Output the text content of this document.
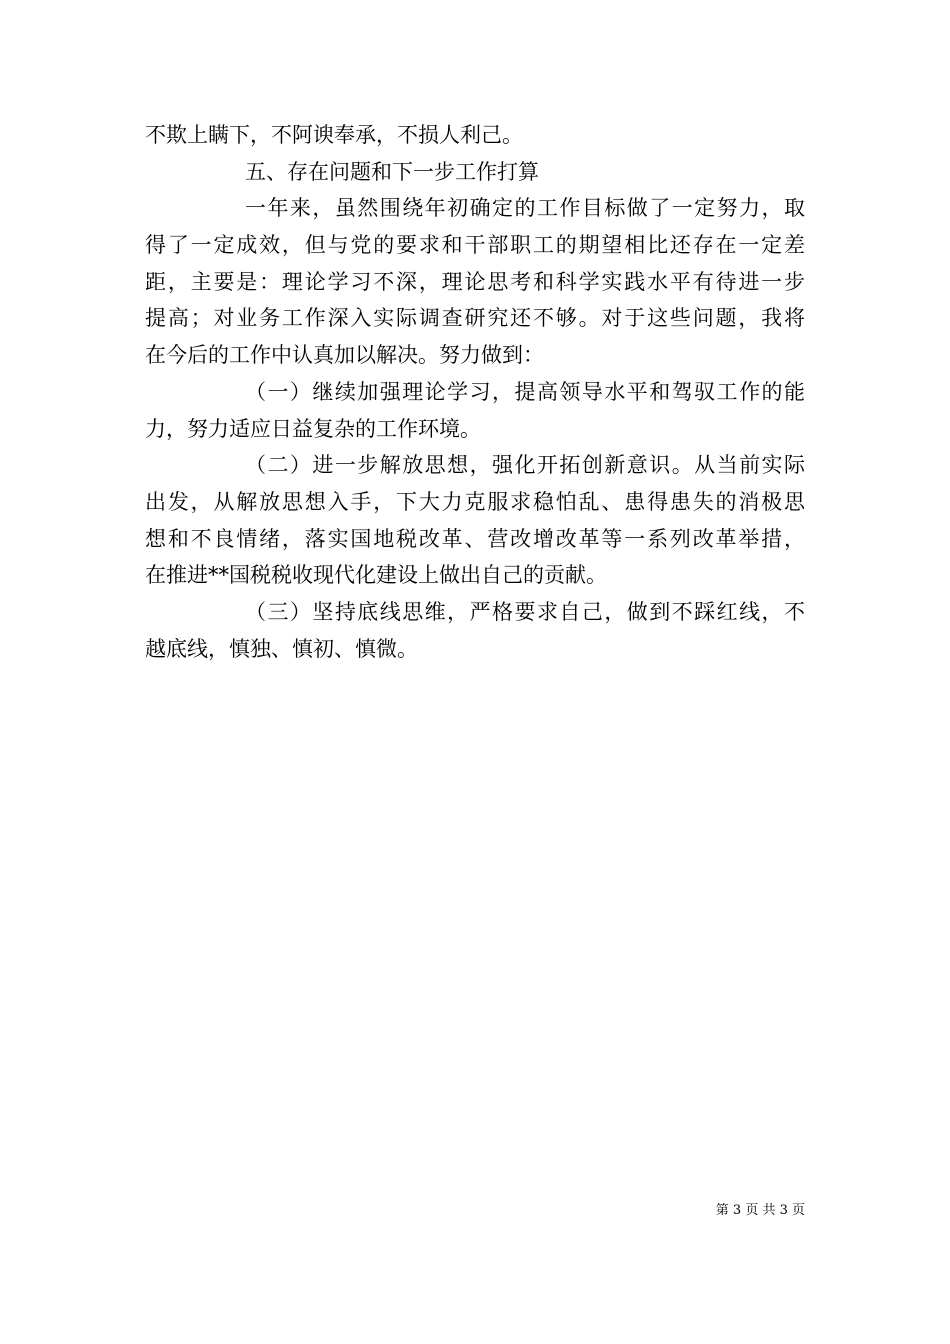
不欺上瞒下，不阿谀奉承，不损人利己。
五、存在问题和下一步工作打算
一年来，虽然围绕年初确定的工作目标做了一定努力，取
得了一定成效，但与党的要求和干部职工的期望相比还存在一定差
距，主要是：理论学习不深，理论思考和科学实践水平有待进一步
提高；对业务工作深入实际调查研究还不够。对于这些问题，我将
在今后的工作中认真加以解决。努力做到：
（一）继续加强理论学习，提高领导水平和驾驭工作的能
力，努力适应日益复杂的工作环境。
（二）进一步解放思想，强化开拓创新意识。从当前实际
出发，从解放思想入手，下大力克服求稳怕乱、患得患失的消极思
想和不良情绪，落实国地税改革、营改增改革等一系列改革举措，
在推进**国税税收现代化建设上做出自己的贡献。
（三）坚持底线思维，严格要求自己，做到不踩红线，不
越底线，慎独、慎初、慎微。
第 3 页 共 3 页
